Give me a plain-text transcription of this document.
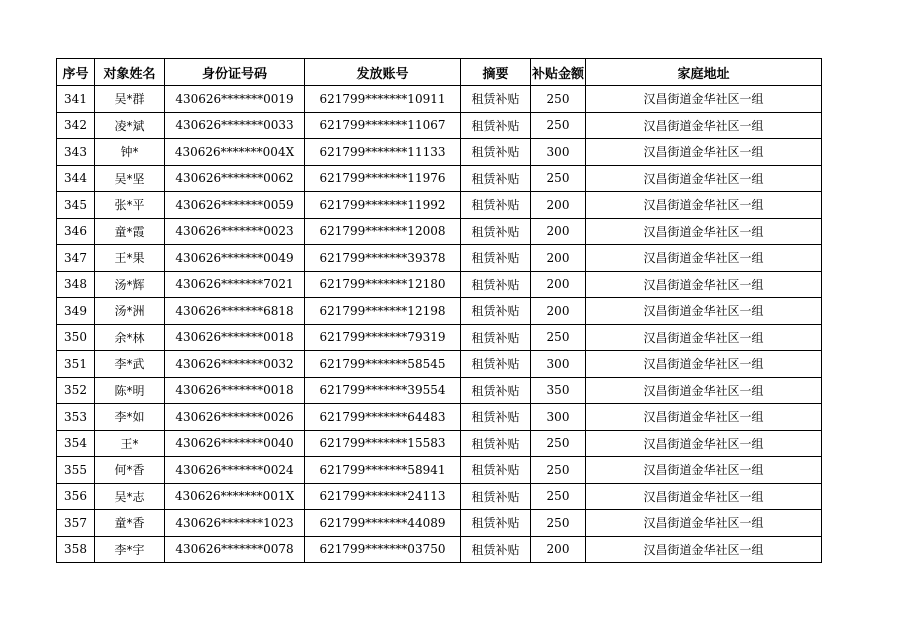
序号	对象姓名	身份证号码	发放账号	摘要	补贴金额	家庭地址
341	吴*群	430626*******0019	621799*******10911	租赁补贴	250	汉昌街道金华社区一组
342	凌*斌	430626*******0033	621799*******11067	租赁补贴	250	汉昌街道金华社区一组
343	钟*	430626*******004X	621799*******11133	租赁补贴	300	汉昌街道金华社区一组
344	吴*坚	430626*******0062	621799*******11976	租赁补贴	250	汉昌街道金华社区一组
345	张*平	430626*******0059	621799*******11992	租赁补贴	200	汉昌街道金华社区一组
346	童*霞	430626*******0023	621799*******12008	租赁补贴	200	汉昌街道金华社区一组
347	王*果	430626*******0049	621799*******39378	租赁补贴	200	汉昌街道金华社区一组
348	汤*辉	430626*******7021	621799*******12180	租赁补贴	200	汉昌街道金华社区一组
349	汤*洲	430626*******6818	621799*******12198	租赁补贴	200	汉昌街道金华社区一组
350	余*林	430626*******0018	621799*******79319	租赁补贴	250	汉昌街道金华社区一组
351	李*武	430626*******0032	621799*******58545	租赁补贴	300	汉昌街道金华社区一组
352	陈*明	430626*******0018	621799*******39554	租赁补贴	350	汉昌街道金华社区一组
353	李*如	430626*******0026	621799*******64483	租赁补贴	300	汉昌街道金华社区一组
354	王*	430626*******0040	621799*******15583	租赁补贴	250	汉昌街道金华社区一组
355	何*香	430626*******0024	621799*******58941	租赁补贴	250	汉昌街道金华社区一组
356	吴*志	430626*******001X	621799*******24113	租赁补贴	250	汉昌街道金华社区一组
357	童*香	430626*******1023	621799*******44089	租赁补贴	250	汉昌街道金华社区一组
358	李*宇	430626*******0078	621799*******03750	租赁补贴	200	汉昌街道金华社区一组
